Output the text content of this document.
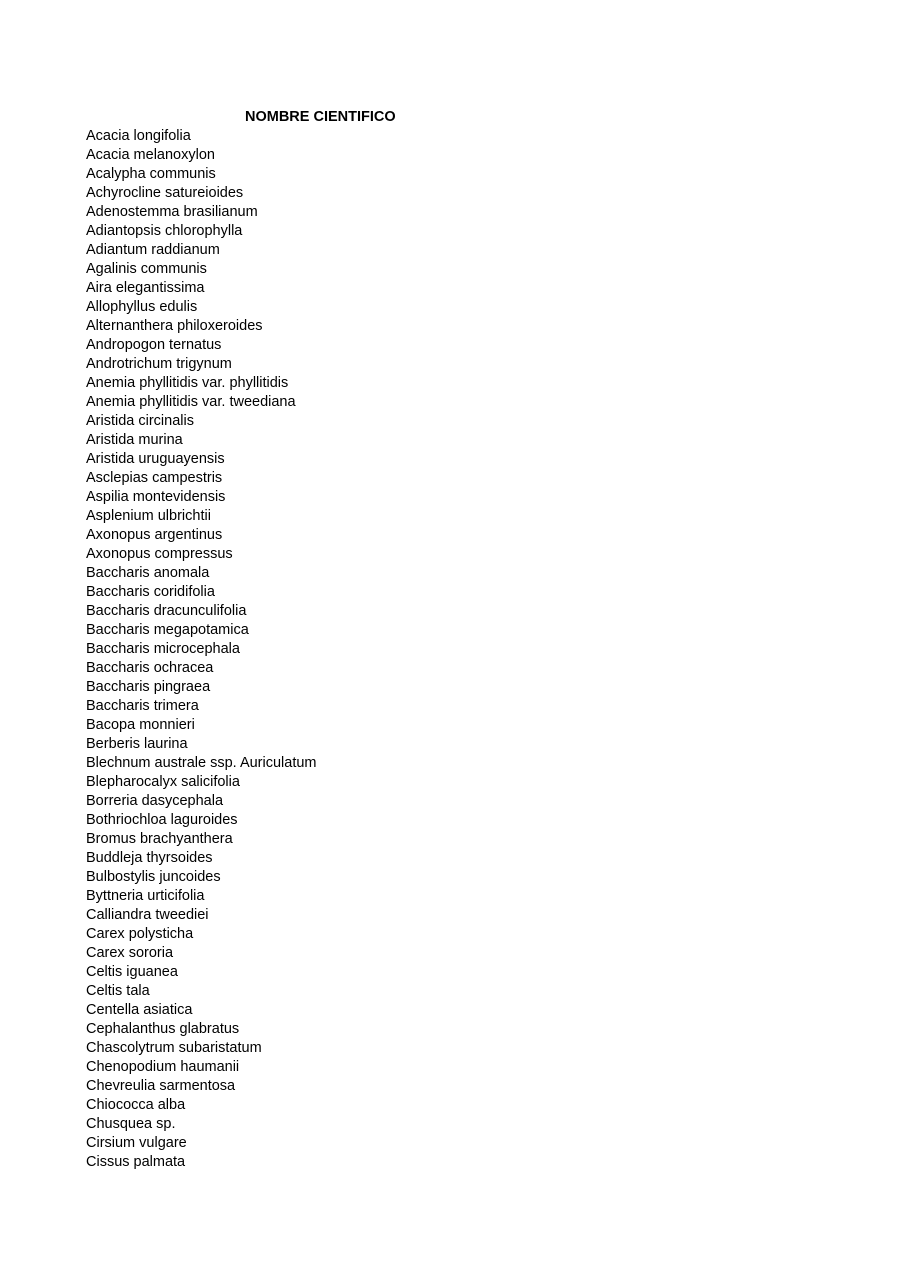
NOMBRE CIENTIFICO
Acacia longifolia
Acacia melanoxylon
Acalypha communis
Achyrocline satureioides
Adenostemma brasilianum
Adiantopsis chlorophylla
Adiantum raddianum
Agalinis communis
Aira elegantissima
Allophyllus edulis
Alternanthera philoxeroides
Andropogon ternatus
Androtrichum trigynum
Anemia phyllitidis var. phyllitidis
Anemia phyllitidis var. tweediana
Aristida circinalis
Aristida murina
Aristida uruguayensis
Asclepias campestris
Aspilia montevidensis
Asplenium ulbrichtii
Axonopus argentinus
Axonopus compressus
Baccharis anomala
Baccharis coridifolia
Baccharis dracunculifolia
Baccharis megapotamica
Baccharis microcephala
Baccharis ochracea
Baccharis pingraea
Baccharis trimera
Bacopa monnieri
Berberis laurina
Blechnum australe ssp. Auriculatum
Blepharocalyx salicifolia
Borreria dasycephala
Bothriochloa laguroides
Bromus brachyanthera
Buddleja thyrsoides
Bulbostylis juncoides
Byttneria urticifolia
Calliandra tweediei
Carex polysticha
Carex sororia
Celtis iguanea
Celtis tala
Centella asiatica
Cephalanthus glabratus
Chascolytrum subaristatum
Chenopodium haumanii
Chevreulia sarmentosa
Chiococca alba
Chusquea sp.
Cirsium vulgare
Cissus palmata
